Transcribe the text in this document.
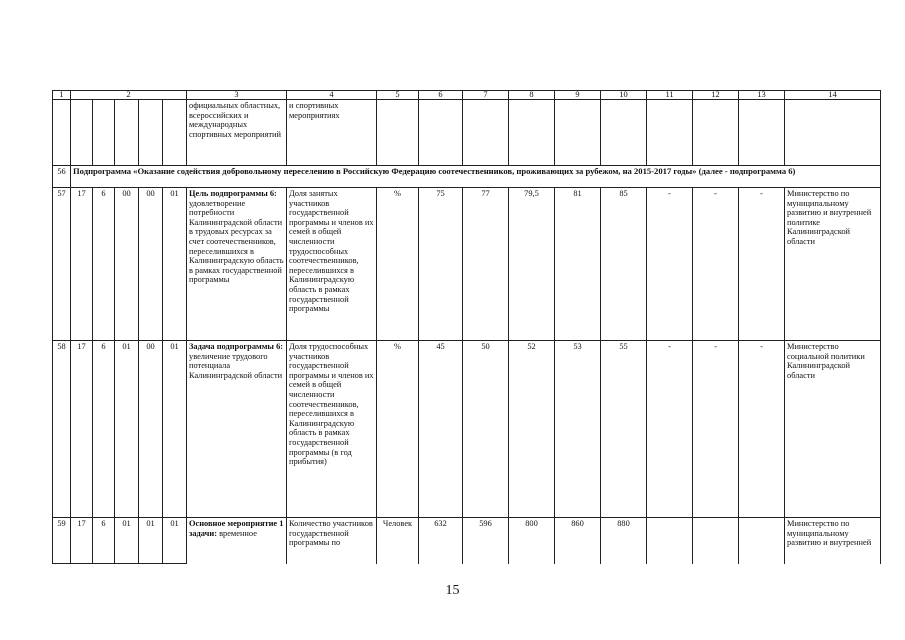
1	2					3	4	5	6	7	8	9	10	11	12	13	14
						официальных областных, всероссийских и международных спортивных мероприятий	и спортивных мероприятиях										
56	Подпрограмма «Оказание содействия добровольному переселению в Российскую Федерацию соотечественников, проживающих за рубежом, на 2015-2017 годы» (далее - подпрограмма 6)																
57	17	6	00	00	01	Цель подпрограммы 6: удовлетворение потребности Калининградской области в трудовых ресурсах за счет соотечественников, переселившихся в Калининградскую область в рамках государственной программы	Доля занятых участников государственной программы и членов их семей в общей численности трудоспособных соотечественников, переселившихся в Калининградскую область в рамках государственной программы	%	75	77	79,5	81	85	-	-	-	Министерство по муниципальному развитию и внутренней политике Калининградской области
58	17	6	01	00	01	Задача подпрограммы 6: увеличение трудового потенциала Калининградской области	Доля трудоспособных участников государственной программы и членов их семей в общей численности соотечественников, переселившихся в Калининградскую область в рамках государственной программы (в год прибытия)	%	45	50	52	53	55	-	-	-	Министерство социальной политики Калининградской области
59	17	6	01	01	01	Основное мероприятие 1 задачи: временное	Количество участников государственной программы по	Человек	632	596	800	860	880				Министерство по муниципальному развитию и внутренней
15
